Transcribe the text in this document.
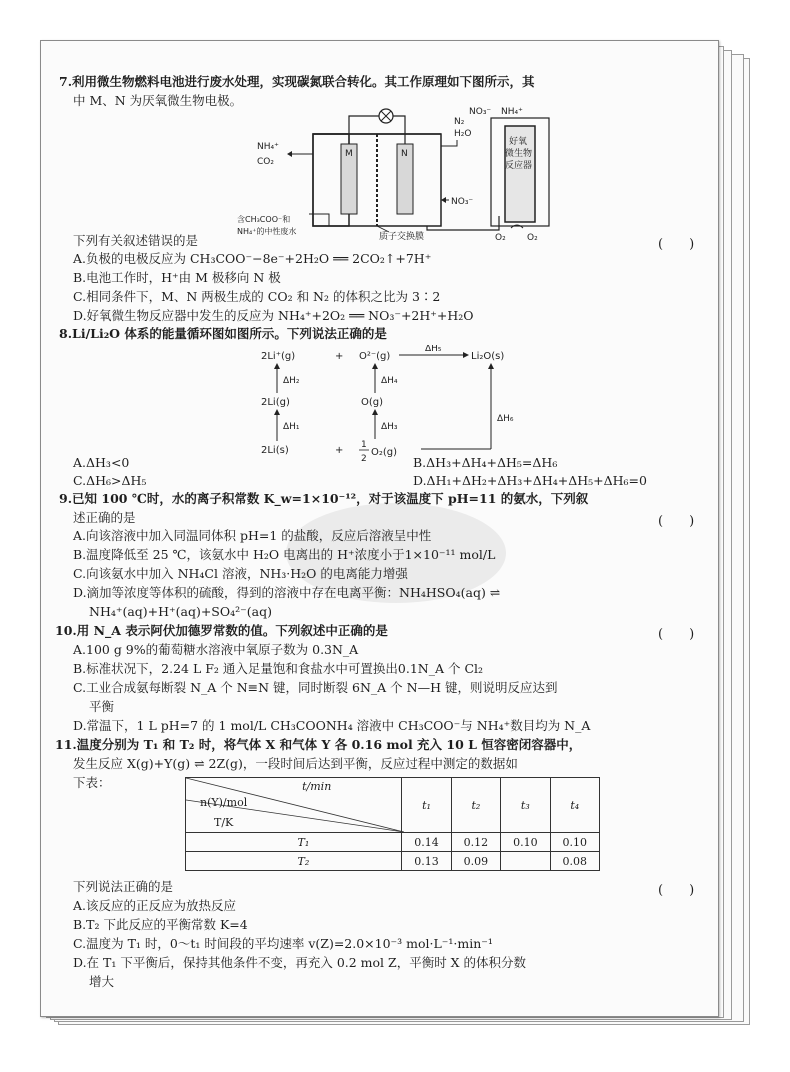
7.利用微生物燃料电池进行废水处理，实现碳氮联合转化。其工作原理如下图所示，其
中 M、N 为厌氧微生物电极。
M	N
NH₄⁺
CO₂
含CH₃COO⁻和
NH₄⁺的中性废水
质子交换膜
N₂
H₂O
NO₃⁻
好氧
微生物
反应器
NH₄⁺
NO₃⁻
O₂ O₂
下列有关叙述错误的是	(　　)
A.负极的电极反应为 CH₃COO⁻−8e⁻+2H₂O ══ 2CO₂↑+7H⁺
B.电池工作时，H⁺由 M 极移向 N 极
C.相同条件下，M、N 两极生成的 CO₂ 和 N₂ 的体积之比为 3∶2
D.好氧微生物反应器中发生的反应为 NH₄⁺+2O₂ ══ NO₃⁻+2H⁺+H₂O
8.Li/Li₂O 体系的能量循环图如图所示。下列说法正确的是
2Li⁺(g)	+ O²⁻(g)
ΔH₅
Li₂O(s)
ΔH₂
2Li(g)
ΔH₁
2Li(s)	+
ΔH₄
O(g)
ΔH₃
1
2
O₂(g)
ΔH₆
A.ΔH₃<0	B.ΔH₃+ΔH₄+ΔH₅=ΔH₆
C.ΔH₆>ΔH₅	D.ΔH₁+ΔH₂+ΔH₃+ΔH₄+ΔH₅+ΔH₆=0
9.已知 100 ℃时，水的离子积常数 K_w=1×10⁻¹²，对于该温度下 pH=11 的氨水，下列叙
述正确的是	(　　)
A.向该溶液中加入同温同体积 pH=1 的盐酸，反应后溶液呈中性
B.温度降低至 25 ℃，该氨水中 H₂O 电离出的 H⁺浓度小于1×10⁻¹¹ mol/L
C.向该氨水中加入 NH₄Cl 溶液，NH₃·H₂O 的电离能力增强
D.滴加等浓度等体积的硫酸，得到的溶液中存在电离平衡：NH₄HSO₄(aq) ⇌
NH₄⁺(aq)+H⁺(aq)+SO₄²⁻(aq)
10.用 N_A 表示阿伏加德罗常数的值。下列叙述中正确的是	(　　)
A.100 g 9%的葡萄糖水溶液中氧原子数为 0.3N_A
B.标准状况下，2.24 L F₂ 通入足量饱和食盐水中可置换出0.1N_A 个 Cl₂
C.工业合成氨每断裂 N_A 个 N≡N 键，同时断裂 6N_A 个 N—H 键，则说明反应达到
平衡
D.常温下，1 L pH=7 的 1 mol/L CH₃COONH₄ 溶液中 CH₃COO⁻与 NH₄⁺数目均为 N_A
11.温度分别为 T₁ 和 T₂ 时，将气体 X 和气体 Y 各 0.16 mol 充入 10 L 恒容密闭容器中，
发生反应 X(g)+Y(g) ⇌ 2Z(g)，一段时间后达到平衡，反应过程中测定的数据如
下表：	t/min
n(Y)/mol
T/K	t₁	t₂	t₃	t₄
T₁	0.14	0.12	0.10	0.10
T₂	0.13	0.09		0.08
下列说法正确的是	(　　)
A.该反应的正反应为放热反应
B.T₂ 下此反应的平衡常数 K=4
C.温度为 T₁ 时，0～t₁ 时间段的平均速率 v(Z)=2.0×10⁻³ mol·L⁻¹·min⁻¹
D.在 T₁ 下平衡后，保持其他条件不变，再充入 0.2 mol Z，平衡时 X 的体积分数
增大
